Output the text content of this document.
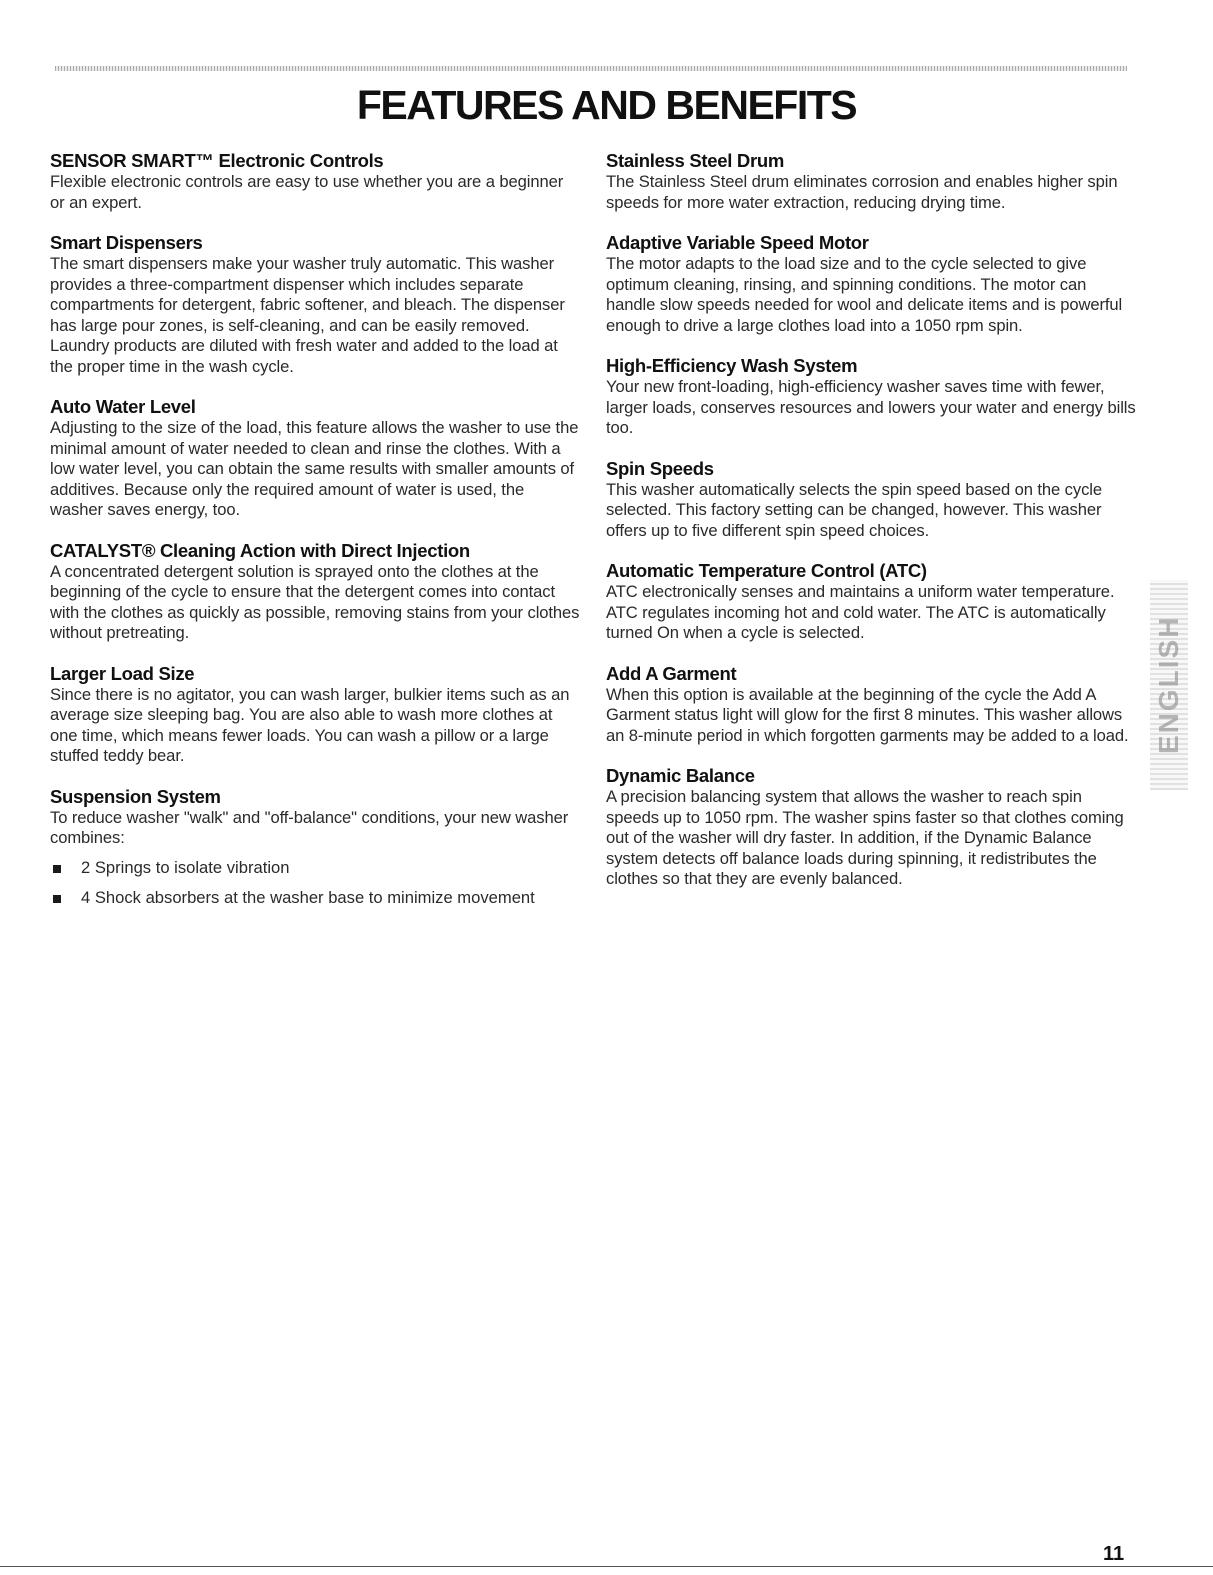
FEATURES AND BENEFITS
SENSOR SMART™ Electronic Controls

Flexible electronic controls are easy to use whether you are a beginner or an expert.

Smart Dispensers

The smart dispensers make your washer truly automatic. This washer provides a three-compartment dispenser which includes separate compartments for detergent, fabric softener, and bleach. The dispenser has large pour zones, is self-cleaning, and can be easily removed. Laundry products are diluted with fresh water and added to the load at the proper time in the wash cycle.

Auto Water Level

Adjusting to the size of the load, this feature allows the washer to use the minimal amount of water needed to clean and rinse the clothes. With a low water level, you can obtain the same results with smaller amounts of additives. Because only the required amount of water is used, the washer saves energy, too.

CATALYST® Cleaning Action with Direct Injection

A concentrated detergent solution is sprayed onto the clothes at the beginning of the cycle to ensure that the detergent comes into contact with the clothes as quickly as possible, removing stains from your clothes without pretreating.

Larger Load Size

Since there is no agitator, you can wash larger, bulkier items such as an average size sleeping bag. You are also able to wash more clothes at one time, which means fewer loads. You can wash a pillow or a large stuffed teddy bear.

Suspension System

To reduce washer "walk" and "off-balance" conditions, your new washer combines:

2 Springs to isolate vibration
4 Shock absorbers at the washer base to minimize movement
Stainless Steel Drum

The Stainless Steel drum eliminates corrosion and enables higher spin speeds for more water extraction, reducing drying time.

Adaptive Variable Speed Motor

The motor adapts to the load size and to the cycle selected to give optimum cleaning, rinsing, and spinning conditions. The motor can handle slow speeds needed for wool and delicate items and is powerful enough to drive a large clothes load into a 1050 rpm spin.

High-Efficiency Wash System

Your new front-loading, high-efficiency washer saves time with fewer, larger loads, conserves resources and lowers your water and energy bills too.

Spin Speeds

This washer automatically selects the spin speed based on the cycle selected. This factory setting can be changed, however. This washer offers up to five different spin speed choices.

Automatic Temperature Control (ATC)

ATC electronically senses and maintains a uniform water temperature. ATC regulates incoming hot and cold water. The ATC is automatically turned On when a cycle is selected.

Add A Garment

When this option is available at the beginning of the cycle the Add A Garment status light will glow for the first 8 minutes. This washer allows an 8-minute period in which forgotten garments may be added to a load.

Dynamic Balance

A precision balancing system that allows the washer to reach spin speeds up to 1050 rpm. The washer spins faster so that clothes coming out of the washer will dry faster. In addition, if the Dynamic Balance system detects off balance loads during spinning, it redistributes the clothes so that they are evenly balanced.

ENGLISH
11
